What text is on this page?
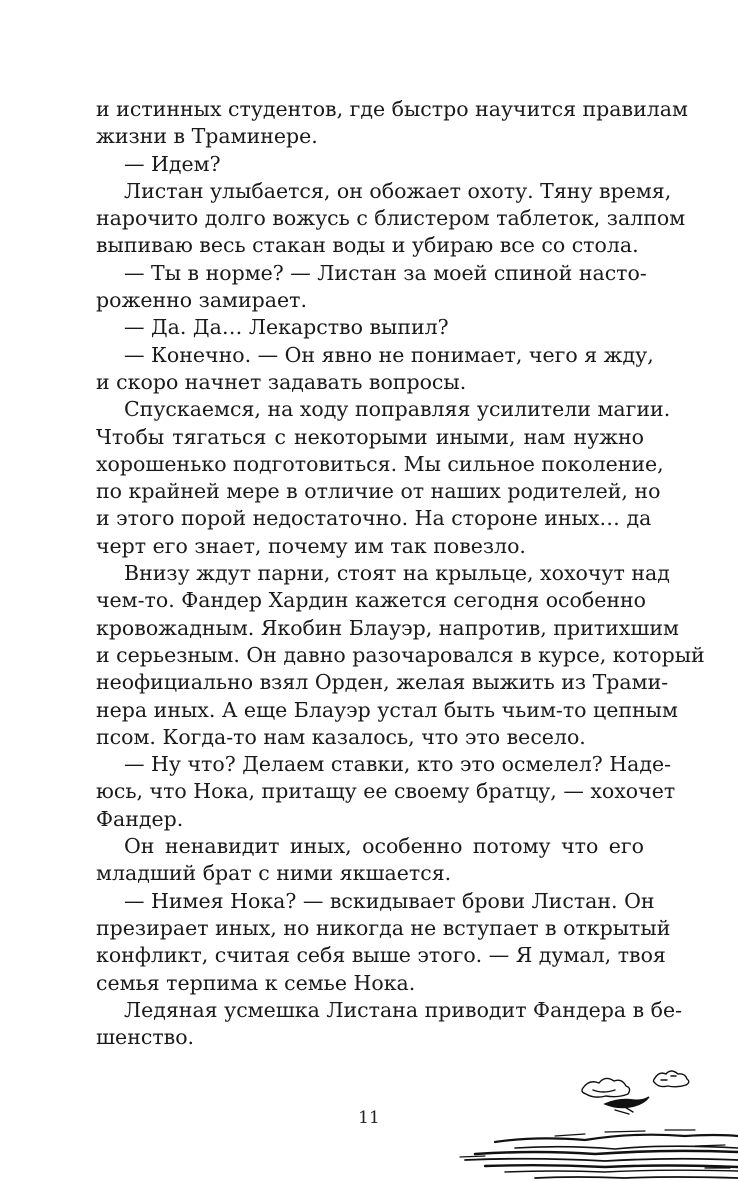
и истинных студентов, где быстро научится правилам
жизни в Траминере.
— Идем?
Листан улыбается, он обожает охоту. Тяну время,
нарочито долго вожусь с блистером таблеток, залпом
выпиваю весь стакан воды и убираю все со стола.
— Ты в норме? — Листан за моей спиной насто-
роженно замирает.
— Да. Да… Лекарство выпил?
— Конечно. — Он явно не понимает, чего я жду,
и скоро начнет задавать вопросы.
Спускаемся, на ходу поправляя усилители магии.
Чтобы тягаться с некоторыми иными, нам нужно
хорошенько подготовиться. Мы сильное поколение,
по крайней мере в отличие от наших родителей, но
и этого порой недостаточно. На стороне иных… да
черт его знает, почему им так повезло.
Внизу ждут парни, стоят на крыльце, хохочут над
чем-то. Фандер Хардин кажется сегодня особенно
кровожадным. Якобин Блауэр, напротив, притихшим
и серьезным. Он давно разочаровался в курсе, который
неофициально взял Орден, желая выжить из Трами-
нера иных. А еще Блауэр устал быть чьим-то цепным
псом. Когда-то нам казалось, что это весело.
— Ну что? Делаем ставки, кто это осмелел? Наде-
юсь, что Нока, притащу ее своему братцу, — хохочет
Фандер.
Он ненавидит иных, особенно потому что его
младший брат с ними якшается.
— Нимея Нока? — вскидывает брови Листан. Он
презирает иных, но никогда не вступает в открытый
конфликт, считая себя выше этого. — Я думал, твоя
семья терпима к семье Нока.
Ледяная усмешка Листана приводит Фандера в бе-
шенство.
11
